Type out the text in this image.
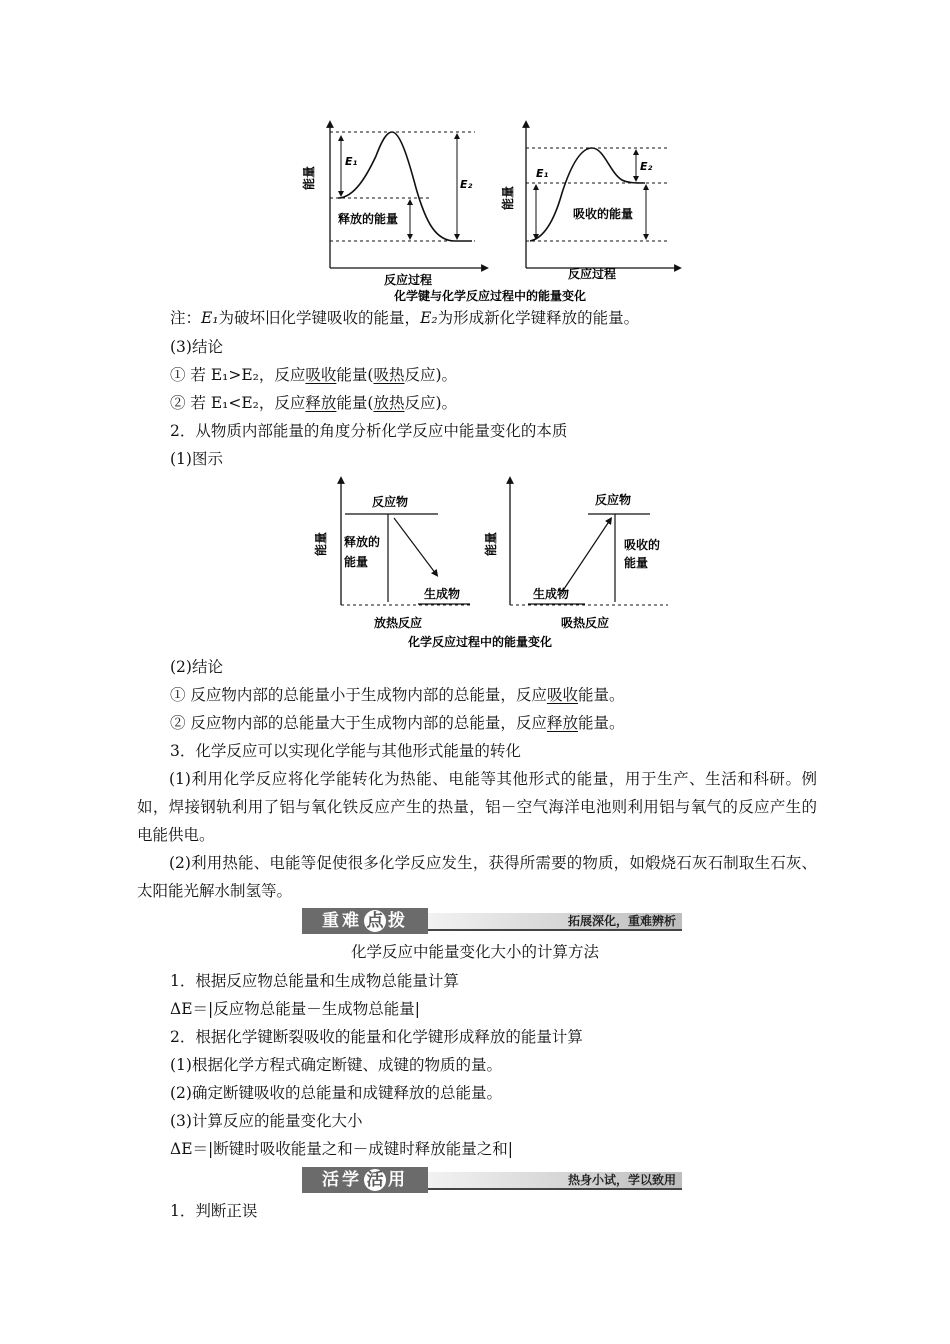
能量
E₁
E₂
释放的能量
反应过程
能量
E₁
E₂
吸收的能量
反应过程
化学键与化学反应过程中的能量变化
注：E₁为破坏旧化学键吸收的能量，E₂为形成新化学键释放的能量。
(3)结论
① 若 E₁>E₂，反应吸收能量(吸热反应)。
② 若 E₁<E₂，反应释放能量(放热反应)。
2．从物质内部能量的角度分析化学反应中能量变化的本质
(1)图示
能量
反应物
释放的
能量
生成物
放热反应
能量
反应物
吸收的
能量
生成物
吸热反应
化学反应过程中的能量变化
(2)结论
① 反应物内部的总能量小于生成物内部的总能量，反应吸收能量。
② 反应物内部的总能量大于生成物内部的总能量，反应释放能量。
3．化学反应可以实现化学能与其他形式能量的转化
(1)利用化学反应将化学能转化为热能、电能等其他形式的能量，用于生产、生活和科研。例如，焊接钢轨利用了铝与氧化铁反应产生的热量，铝－空气海洋电池则利用铝与氧气的反应产生的电能供电。
(2)利用热能、电能等促使很多化学反应发生，获得所需要的物质，如煅烧石灰石制取生石灰、太阳能光解水制氢等。
重难 点 拨	拓展深化，重难辨析
化学反应中能量变化大小的计算方法
1．根据反应物总能量和生成物总能量计算
ΔE＝|反应物总能量－生成物总能量|
2．根据化学键断裂吸收的能量和化学键形成释放的能量计算
(1)根据化学方程式确定断键、成键的物质的量。
(2)确定断键吸收的总能量和成键释放的总能量。
(3)计算反应的能量变化大小
ΔE＝|断键时吸收能量之和－成键时释放能量之和|
活学 活 用	热身小试，学以致用
1．判断正误
